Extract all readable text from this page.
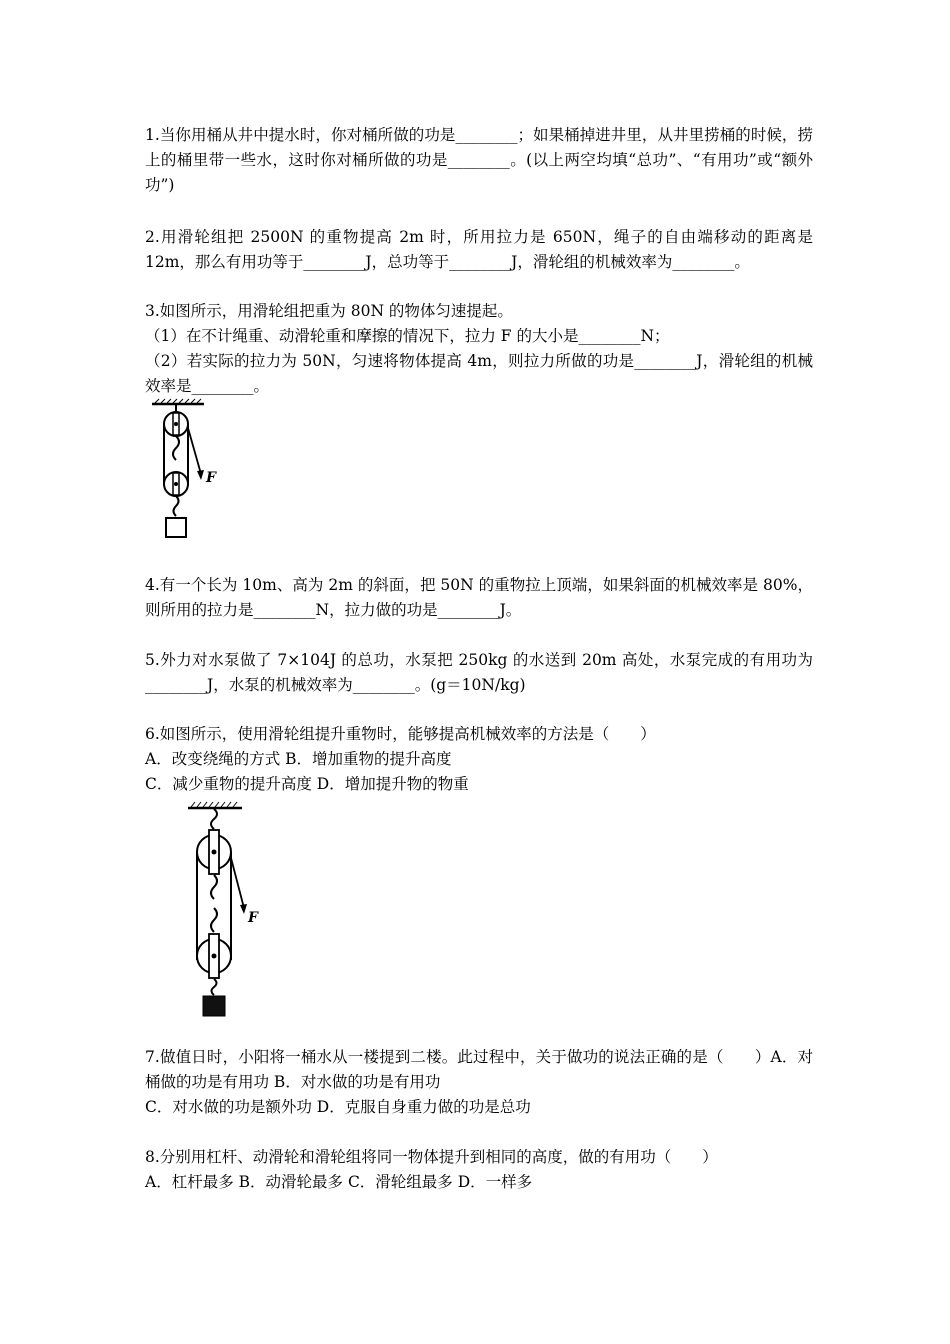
1.当你用桶从井中提水时，你对桶所做的功是________；如果桶掉进井里，从井里捞桶的时候，捞上的桶里带一些水，这时你对桶所做的功是________。(以上两空均填“总功”、“有用功”或“额外功”)

2.用滑轮组把 2500N 的重物提高 2m 时，所用拉力是 650N，绳子的自由端移动的距离是 12m，那么有用功等于________J，总功等于________J，滑轮组的机械效率为________。

3.如图所示，用滑轮组把重为 80N 的物体匀速提起。

（1）在不计绳重、动滑轮重和摩擦的情况下，拉力 F 的大小是________N；

（2）若实际的拉力为 50N，匀速将物体提高 4m，则拉力所做的功是________J，滑轮组的机械效率是________。

F

4.有一个长为 10m、高为 2m 的斜面，把 50N 的重物拉上顶端，如果斜面的机械效率是 80%，则所用的拉力是________N，拉力做的功是________J。

5.外力对水泵做了 7×104J 的总功，水泵把 250kg 的水送到 20m 高处，水泵完成的有用功为________J，水泵的机械效率为________。(g＝10N/kg)

6.如图所示，使用滑轮组提升重物时，能够提高机械效率的方法是（　　）

A．改变绕绳的方式 B．增加重物的提升高度

C．减少重物的提升高度 D．增加提升物的物重

F

7.做值日时，小阳将一桶水从一楼提到二楼。此过程中，关于做功的说法正确的是（　　）A．对桶做的功是有用功 B．对水做的功是有用功

C．对水做的功是额外功 D．克服自身重力做的功是总功

8.分别用杠杆、动滑轮和滑轮组将同一物体提升到相同的高度，做的有用功（　　）

A．杠杆最多 B．动滑轮最多 C．滑轮组最多 D．一样多
